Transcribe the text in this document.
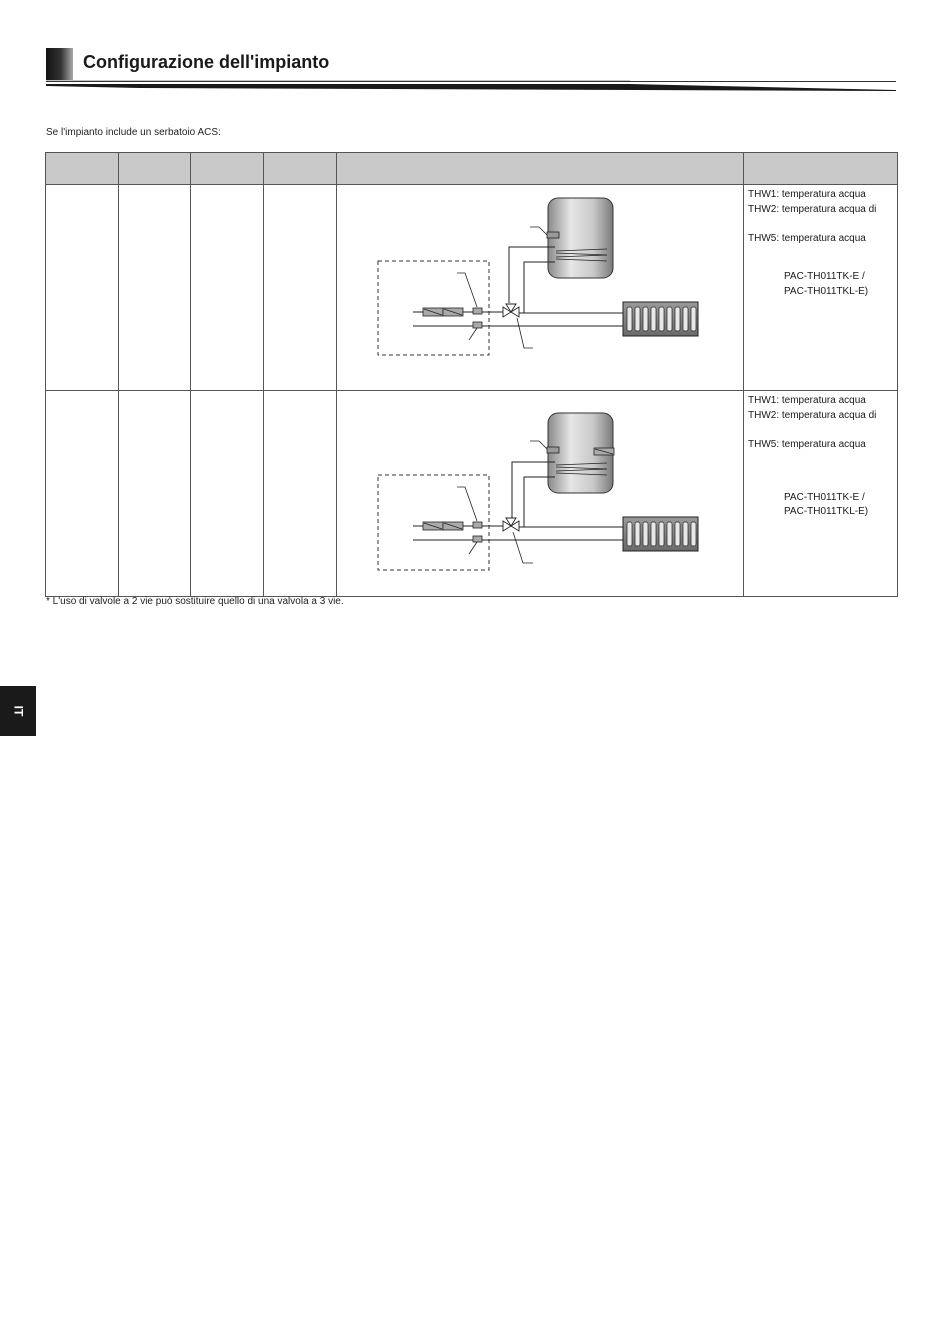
Configurazione dell'impianto
Se l'impianto include un serbatoio ACS:

THW1: temperatura acqua
THW2: temperatura acqua di
THW5: temperatura acqua
PAC-TH011TK-E /
PAC-TH011TKL-E)

THW1: temperatura acqua
THW2: temperatura acqua di
THW5: temperatura acqua
PAC-TH011TK-E /
PAC-TH011TKL-E)
* L'uso di valvole a 2 vie può sostituire quello di una valvola a 3 vie.
IT
